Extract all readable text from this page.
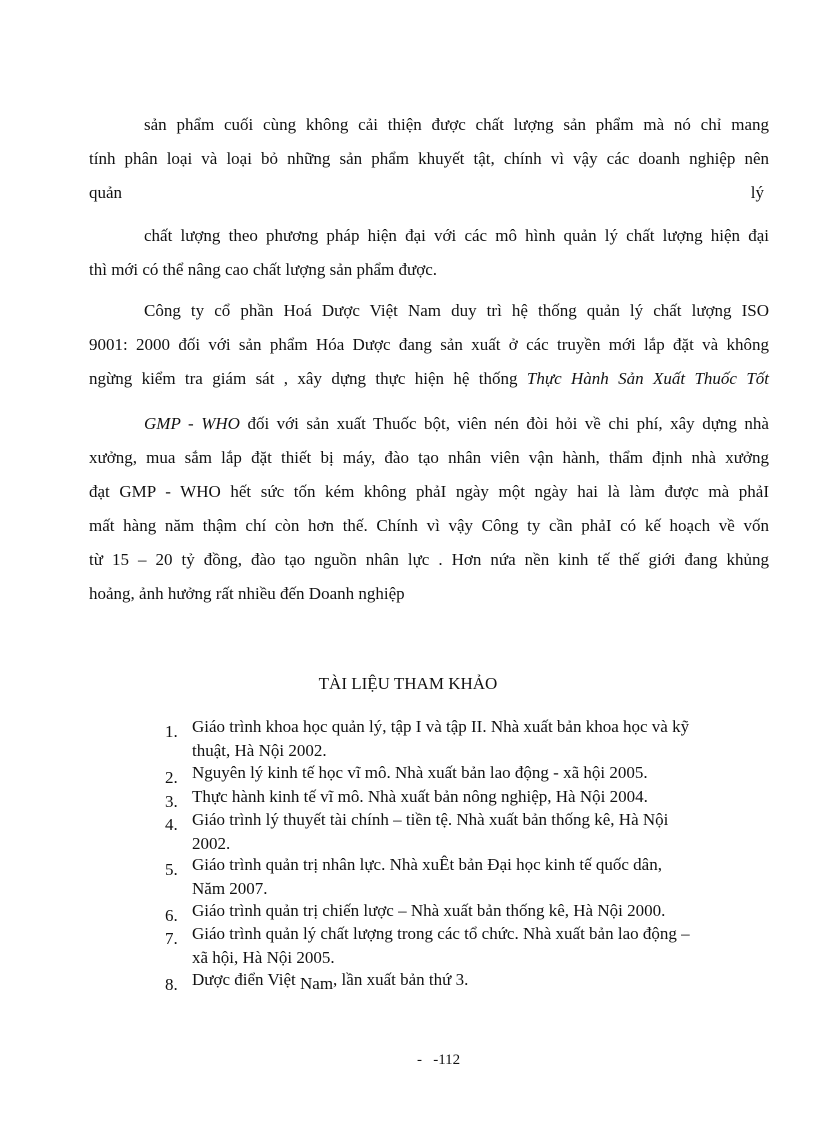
sản phẩm cuối cùng không cải thiện được chất lượng sản phẩm mà nó chỉ mang
tính phân loại và loại bỏ những sản phẩm khuyết tật, chính vì vậy các doanh nghiệp nên
quản	lý
chất lượng theo phương pháp hiện đại với các mô hình quản lý chất lượng hiện đại
thì mới có thể nâng cao chất lượng sản phẩm được.
Công ty cổ phần Hoá Dược Việt Nam duy trì hệ thống quản lý chất lượng ISO
9001: 2000 đối với sản phẩm Hóa Dược đang sản xuất ở các truyền mới lắp đặt và không
ngừng kiểm tra giám sát , xây dựng thực hiện hệ thống Thực Hành Sản Xuất Thuốc Tốt
GMP - WHO đối với sản xuất Thuốc bột, viên nén đòi hỏi về chi phí, xây dựng nhà
xưởng, mua sắm lắp đặt thiết bị máy, đào tạo nhân viên vận hành, thẩm định nhà xưởng
đạt GMP - WHO hết sức tốn kém không phảI ngày một ngày hai là làm được mà phảI
mất hàng năm thậm chí còn hơn thế. Chính vì vậy Công ty cần phảI có kế hoạch về vốn
từ 15 – 20 tỷ đồng, đào tạo nguồn nhân lực . Hơn nứa nền kinh tế thế giới đang khủng
hoảng, ảnh hưởng rất nhiều đến Doanh nghiệp
TÀI LIỆU THAM KHẢO
1. Giáo trình khoa học quản lý, tập I và tập II. Nhà xuất bản khoa học và kỹ
thuật, Hà Nội 2002.
2. Nguyên lý kinh tế học vĩ mô. Nhà xuất bản lao động - xã hội 2005.
3. Thực hành kinh tế vĩ mô. Nhà xuất bản nông nghiệp, Hà Nội 2004.
4. Giáo trình lý thuyết tài chính – tiền tệ. Nhà xuất bản thống kê, Hà Nội
2002.
5. Giáo trình quản trị nhân lực. Nhà xuÊt bản Đại học kinh tế quốc dân,
Năm 2007.
6. Giáo trình quản trị chiến lược – Nhà xuất bản thống kê, Hà Nội 2000.
7. Giáo trình quản lý chất lượng trong các tổ chức. Nhà xuất bản lao động –
xã hội, Hà Nội 2005.
8. Dược điển Việt Nam, lần xuất bản thứ 3.
-   -112
